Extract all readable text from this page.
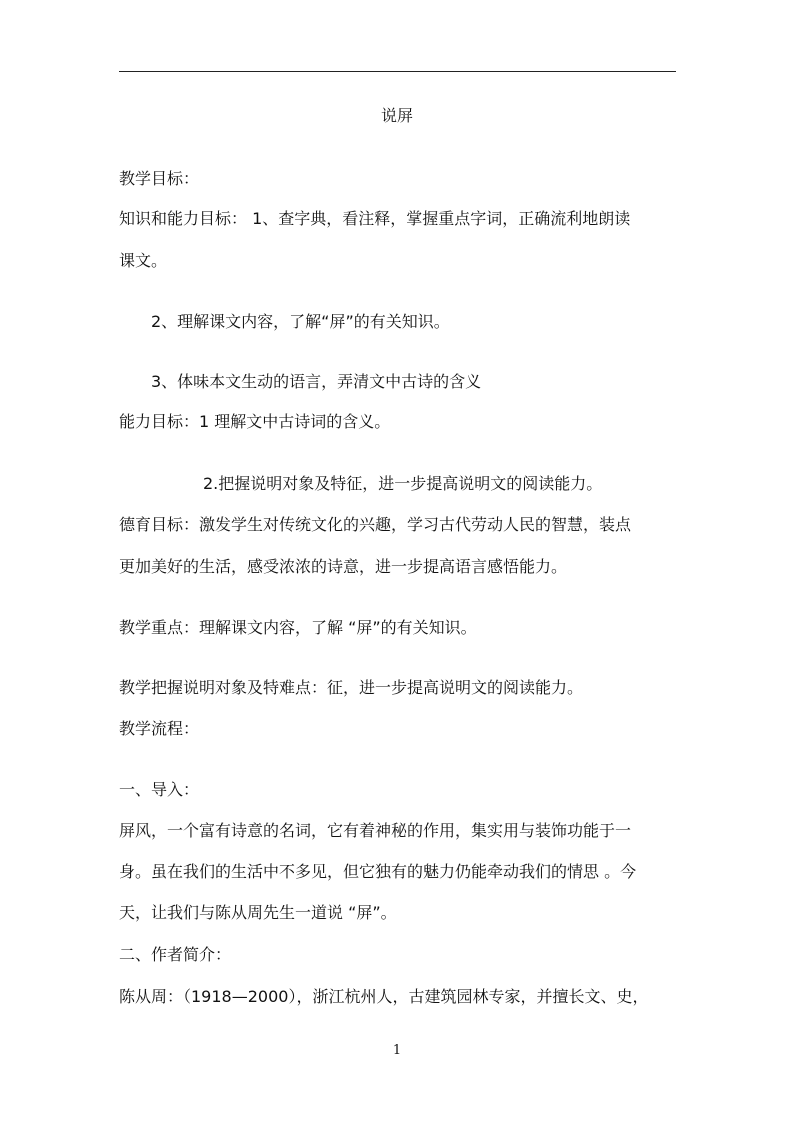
说屏
教学目标：
知识和能力目标： 1、查字典，看注释，掌握重点字词，正确流利地朗读
课文。
2、理解课文内容，了解“屏”的有关知识。
3、体味本文生动的语言，弄清文中古诗的含义
能力目标：1 理解文中古诗词的含义。
2.把握说明对象及特征，进一步提高说明文的阅读能力。
德育目标：激发学生对传统文化的兴趣，学习古代劳动人民的智慧，装点
更加美好的生活，感受浓浓的诗意，进一步提高语言感悟能力。
教学重点：理解课文内容，了解 “屏”的有关知识。
教学把握说明对象及特难点：征，进一步提高说明文的阅读能力。
教学流程：
一、导入：
屏风，一个富有诗意的名词，它有着神秘的作用，集实用与装饰功能于一
身。虽在我们的生活中不多见，但它独有的魅力仍能牵动我们的情思 。今
天，让我们与陈从周先生一道说 “屏”。
二、作者简介：
陈从周：（1918—2000），浙江杭州人，古建筑园林专家，并擅长文、史，
1
